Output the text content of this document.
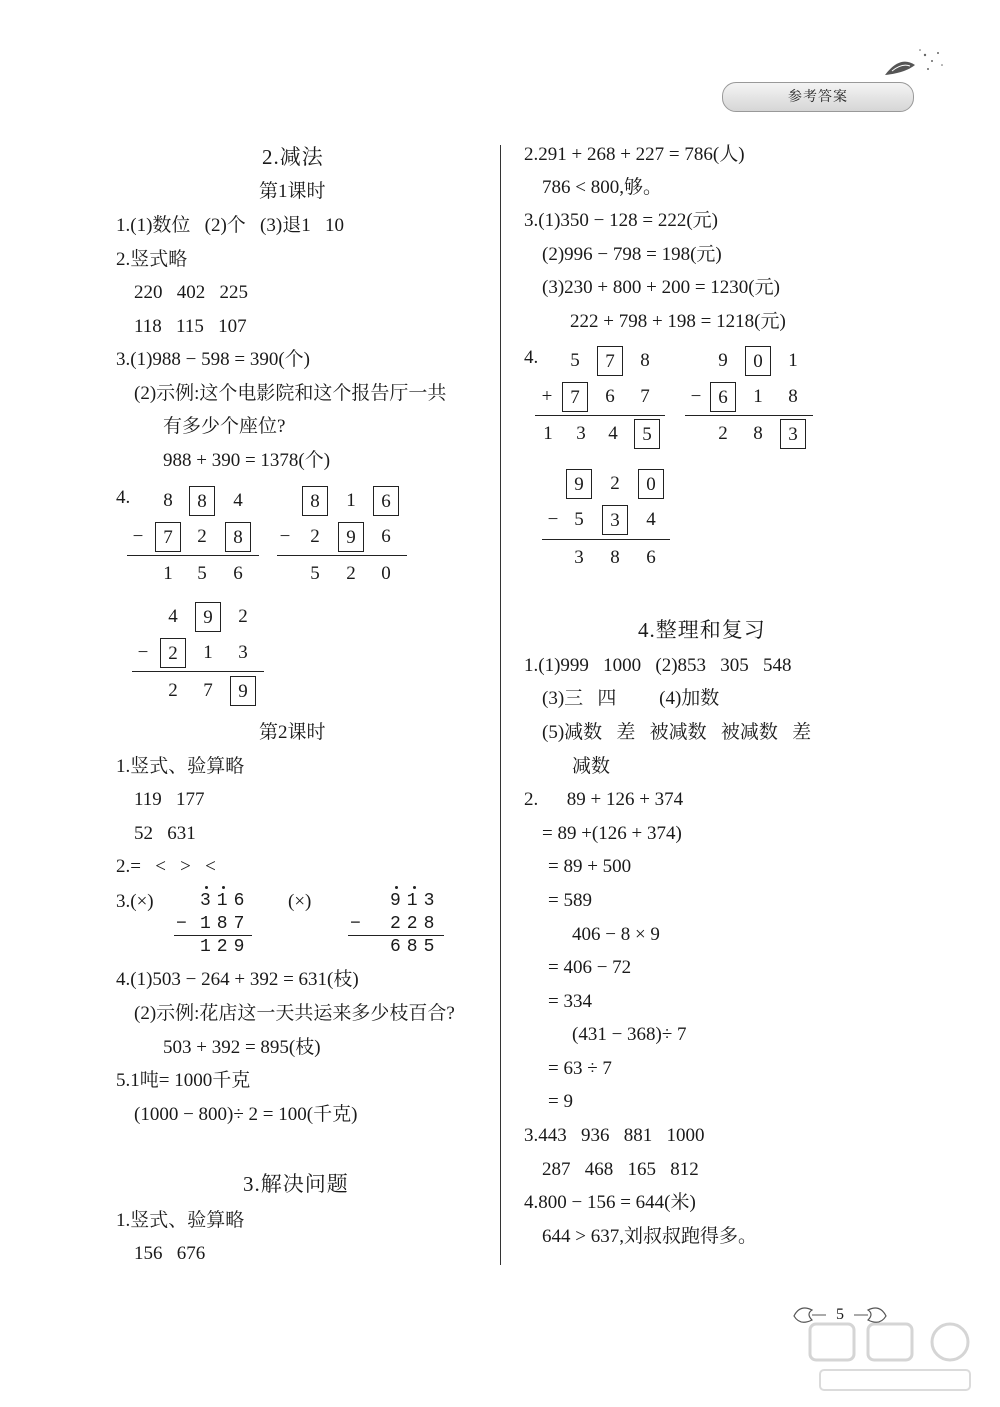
参考答案
2.减法
第1课时
1.(1)数位   (2)个   (3)退1   10
2.竖式略
220   402   225
118   115   107
3.(1)988 − 598 = 390(个)
(2)示例:这个电影院和这个报告厅一共
有多少个座位?
988 + 390 = 1378(个)
4.	8	8	4
−	7	2	8
1	5	6
8	1	6
−	2	9	6
5	2	0
4	9	2
−	2	1	3
2	7	9
第2课时
1.竖式、验算略
119   177
52   631
2.=   <   >   <
3.(×)	(×)
316
− 187
129
913
− 228
685
4.(1)503 − 264 + 392 = 631(枝)
(2)示例:花店这一天共运来多少枝百合?
503 + 392 = 895(枝)
5.1吨= 1000千克
(1000 − 800)÷ 2 = 100(千克)
3.解决问题
1.竖式、验算略
156   676
2.291 + 268 + 227 = 786(人)
786 < 800,够。
3.(1)350 − 128 = 222(元)
(2)996 − 798 = 198(元)
(3)230 + 800 + 200 = 1230(元)
222 + 798 + 198 = 1218(元)
4.	5	7	8
+ 7	6	7
1	3	4	5
9	0	1
− 6	1	8
2	8	3
9	2	0
− 5	3	4
3	8	6
4.整理和复习
1.(1)999   1000   (2)853   305   548
(3)三   四         (4)加数
(5)减数   差   被减数   被减数   差
减数
2.      89 + 126 + 374
= 89 +(126 + 374)
= 89 + 500
= 589
406 − 8 × 9
= 406 − 72
= 334
(431 − 368)÷ 7
= 63 ÷ 7
= 9
3.443   936   881   1000
287   468   165   812
4.800 − 156 = 644(米)
644 > 637,刘叔叔跑得多。
5
